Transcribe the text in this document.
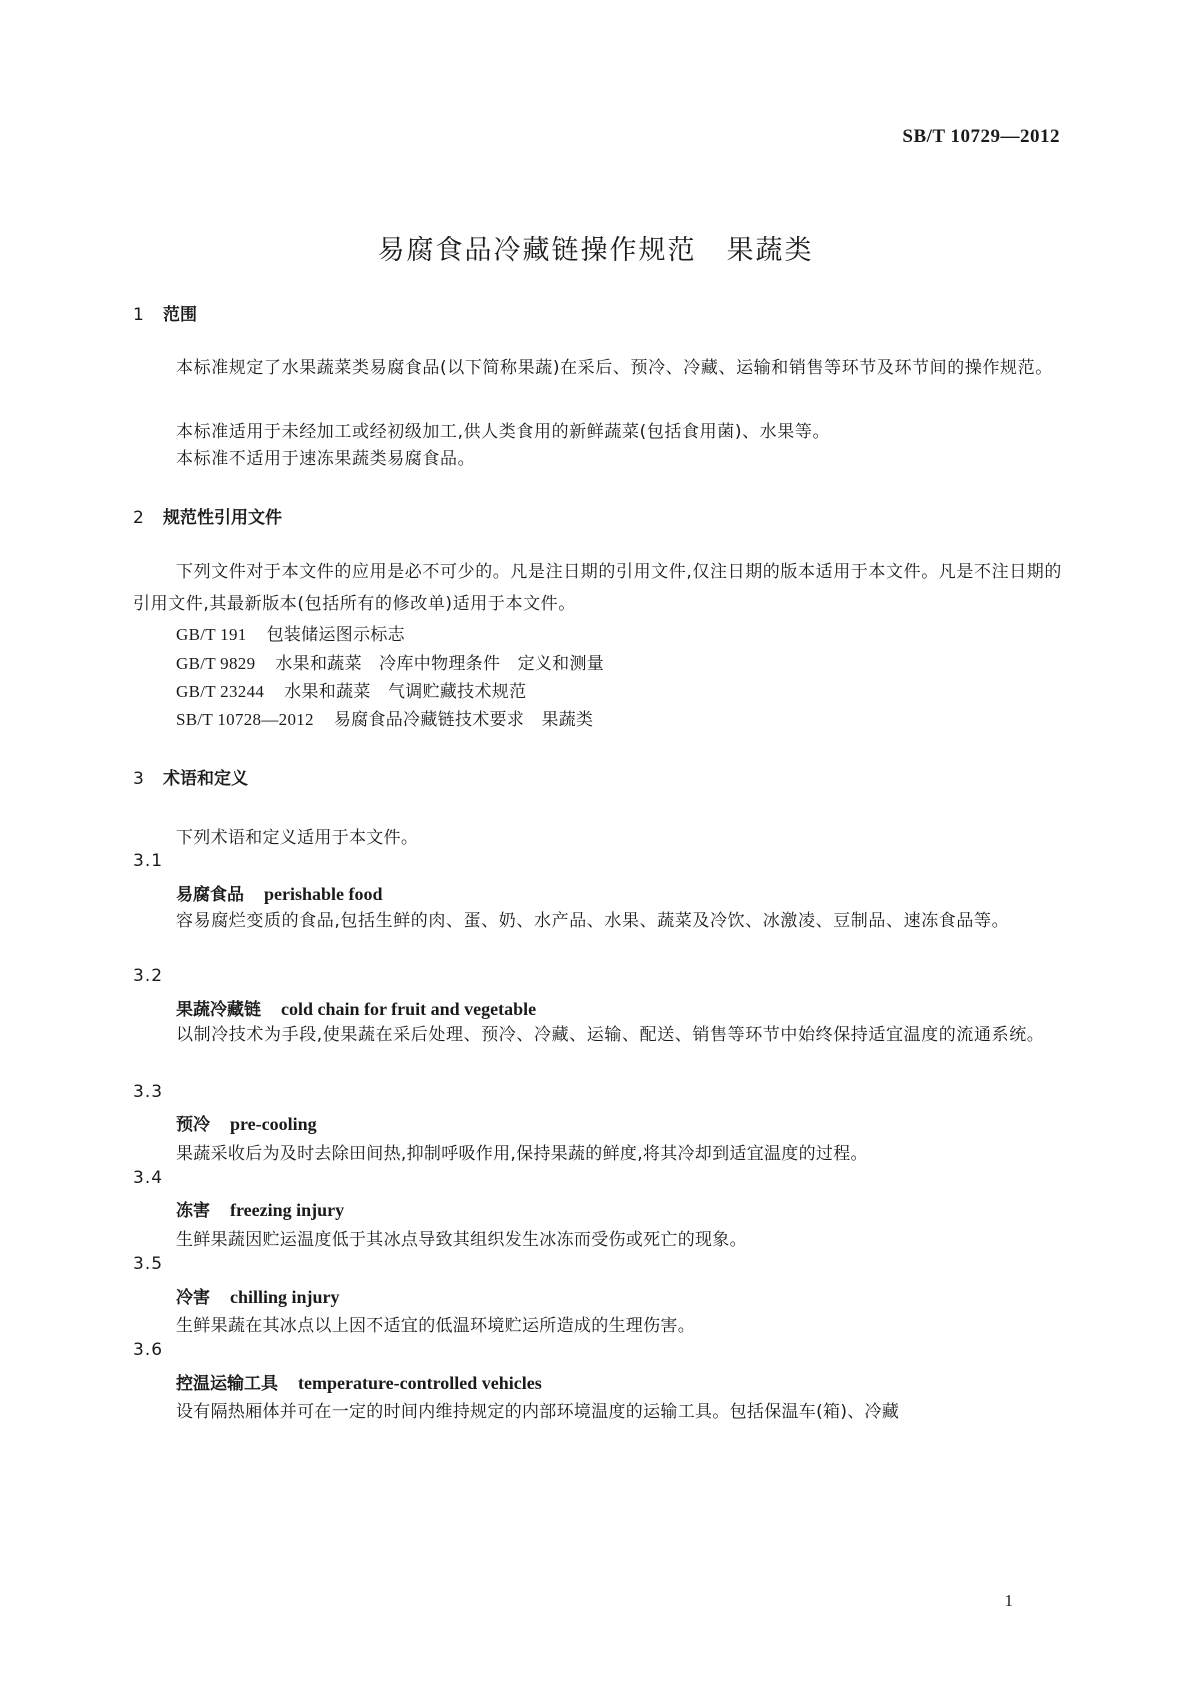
SB/T 10729—2012
易腐食品冷藏链操作规范 果蔬类
1 范围
本标准规定了水果蔬菜类易腐食品(以下简称果蔬)在采后、预冷、冷藏、运输和销售等环节及环节间的操作规范。
本标准适用于未经加工或经初级加工,供人类食用的新鲜蔬菜(包括食用菌)、水果等。
本标准不适用于速冻果蔬类易腐食品。
2 规范性引用文件
下列文件对于本文件的应用是必不可少的。凡是注日期的引用文件,仅注日期的版本适用于本文件。凡是不注日期的引用文件,其最新版本(包括所有的修改单)适用于本文件。
GB/T 191 包装储运图示标志
GB/T 9829 水果和蔬菜　冷库中物理条件　定义和测量
GB/T 23244 水果和蔬菜　气调贮藏技术规范
SB/T 10728—2012 易腐食品冷藏链技术要求　果蔬类
3 术语和定义
下列术语和定义适用于本文件。
3.1
易腐食品 perishable food
容易腐烂变质的食品,包括生鲜的肉、蛋、奶、水产品、水果、蔬菜及冷饮、冰激凌、豆制品、速冻食品等。
3.2
果蔬冷藏链 cold chain for fruit and vegetable
以制冷技术为手段,使果蔬在采后处理、预冷、冷藏、运输、配送、销售等环节中始终保持适宜温度的流通系统。
3.3
预冷 pre-cooling
果蔬采收后为及时去除田间热,抑制呼吸作用,保持果蔬的鲜度,将其冷却到适宜温度的过程。
3.4
冻害 freezing injury
生鲜果蔬因贮运温度低于其冰点导致其组织发生冰冻而受伤或死亡的现象。
3.5
冷害 chilling injury
生鲜果蔬在其冰点以上因不适宜的低温环境贮运所造成的生理伤害。
3.6
控温运输工具 temperature-controlled vehicles
设有隔热厢体并可在一定的时间内维持规定的内部环境温度的运输工具。包括保温车(箱)、冷藏
1
